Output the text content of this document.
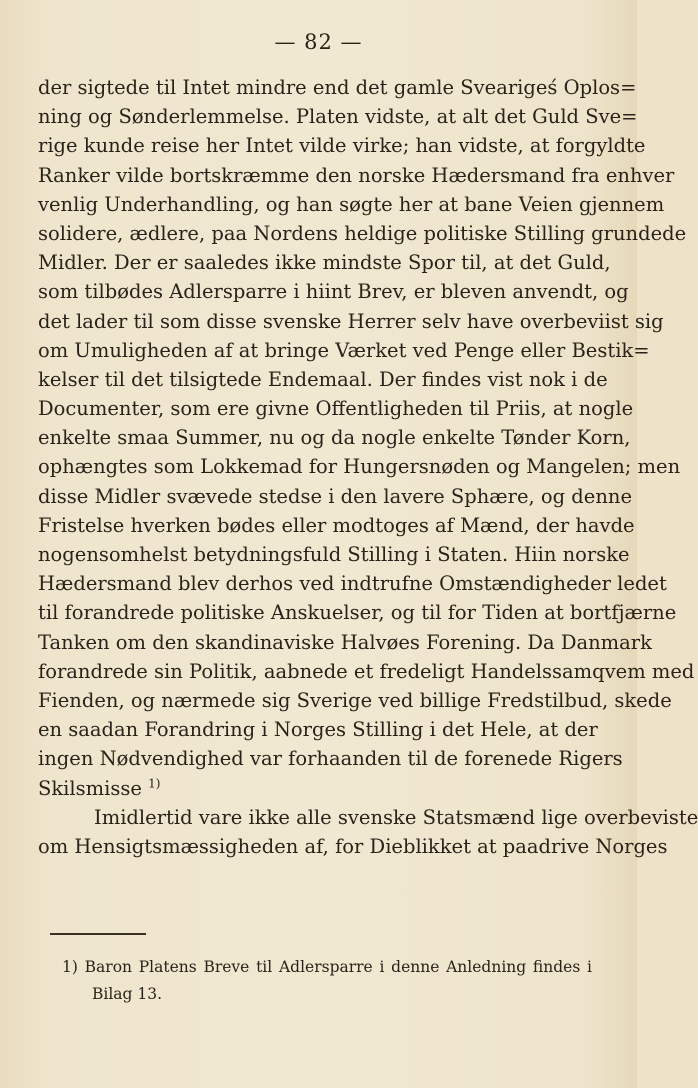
— 82 —
der sigtede til Intet mindre end det gamle Svearigeś Oplos=
ning og Sønderlemmelse. Platen vidste, at alt det Guld Sve=
rige kunde reise her Intet vilde virke; han vidste, at forgyldte
Ranker vilde bortskræmme den norske Hædersmand fra enhver
venlig Underhandling, og han søgte her at bane Veien gjennem
solidere, ædlere, paa Nordens heldige politiske Stilling grundede
Midler. Der er saaledes ikke mindste Spor til, at det Guld,
som tilbødes Adlersparre i hiint Brev, er bleven anvendt, og
det lader til som disse svenske Herrer selv have overbeviist sig
om Umuligheden af at bringe Værket ved Penge eller Bestik=
kelser til det tilsigtede Endemaal. Der findes vist nok i de
Documenter, som ere givne Offentligheden til Priis, at nogle
enkelte smaa Summer, nu og da nogle enkelte Tønder Korn,
ophængtes som Lokkemad for Hungersnøden og Mangelen; men
disse Midler svævede stedse i den lavere Sphære, og denne
Fristelse hverken bødes eller modtoges af Mænd, der havde
nogensomhelst betydningsfuld Stilling i Staten. Hiin norske
Hædersmand blev derhos ved indtrufne Omstændigheder ledet
til forandrede politiske Anskuelser, og til for Tiden at bortfjærne
Tanken om den skandinaviske Halvøes Forening. Da Danmark
forandrede sin Politik, aabnede et fredeligt Handelssamqvem med
Fienden, og nærmede sig Sverige ved billige Fredstilbud, skede
en saadan Forandring i Norges Stilling i det Hele, at der
ingen Nødvendighed var forhaanden til de forenede Rigers
Skilsmisse $^{1)}$
Imidlertid vare ikke alle svenske Statsmænd lige overbeviste
om Hensigtsmæssigheden af, for Dieblikket at paadrive Norges
1) Baron Platens Breve til Adlersparre i denne Anledning findes i
Bilag 13.
